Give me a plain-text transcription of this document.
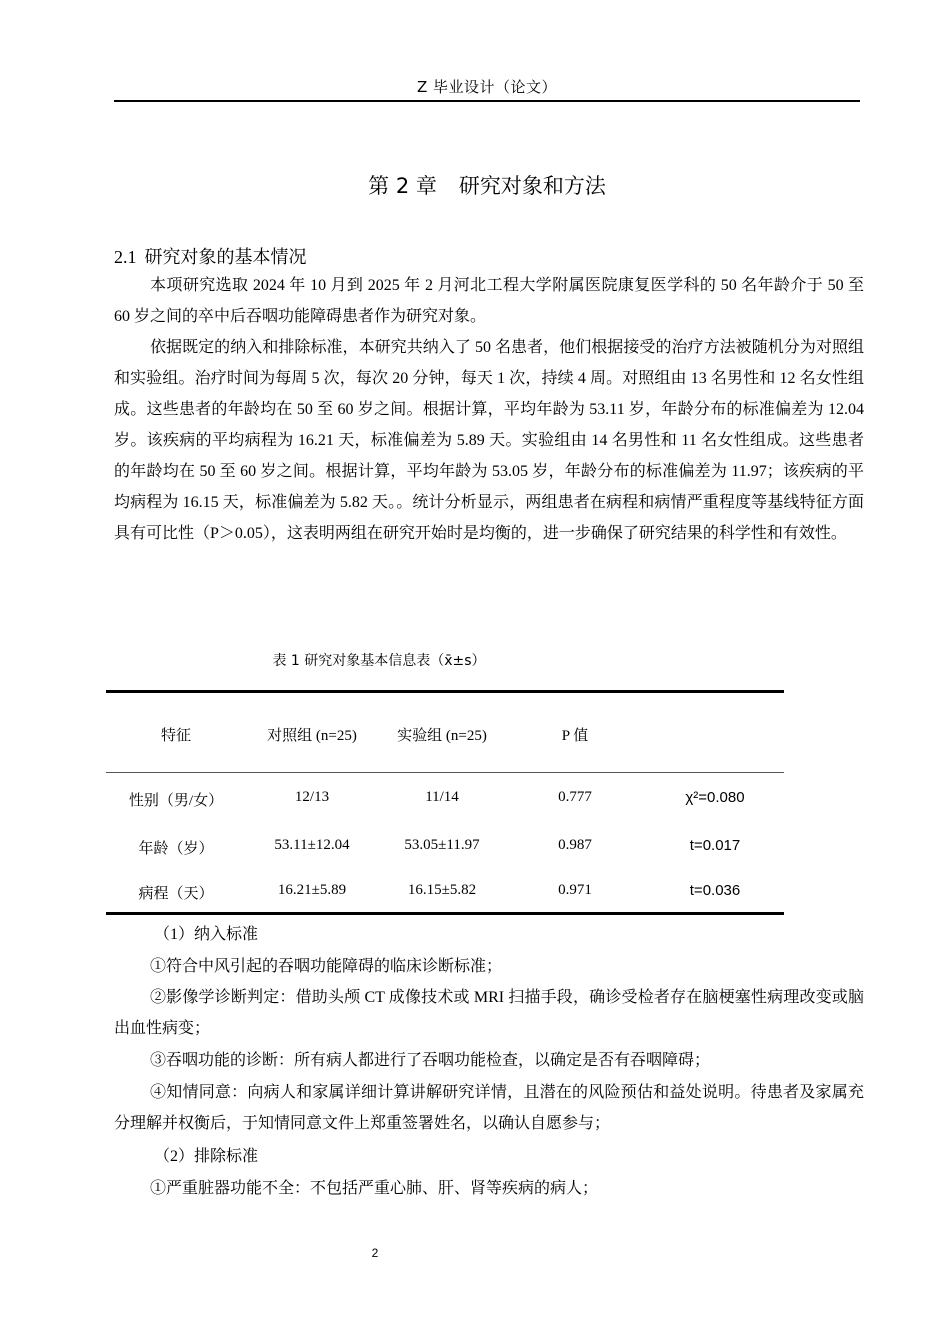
Z 毕业设计（论文）
第 2 章 研究对象和方法
2.1 研究对象的基本情况

本项研究选取 2024 年 10 月到 2025 年 2 月河北工程大学附属医院康复医学科的 50 名年龄介于 50 至 60 岁之间的卒中后吞咽功能障碍患者作为研究对象。

依据既定的纳入和排除标准，本研究共纳入了 50 名患者，他们根据接受的治疗方法被随机分为对照组和实验组。治疗时间为每周 5 次，每次 20 分钟，每天 1 次，持续 4 周。对照组由 13 名男性和 12 名女性组成。这些患者的年龄均在 50 至 60 岁之间。根据计算，平均年龄为 53.11 岁，年龄分布的标准偏差为 12.04 岁。该疾病的平均病程为 16.21 天，标准偏差为 5.89 天。实验组由 14 名男性和 11 名女性组成。这些患者的年龄均在 50 至 60 岁之间。根据计算，平均年龄为 53.05 岁，年龄分布的标准偏差为 11.97；该疾病的平均病程为 16.15 天，标准偏差为 5.82 天。。统计分析显示，两组患者在病程和病情严重程度等基线特征方面具有可比性（P＞0.05），这表明两组在研究开始时是均衡的，进一步确保了研究结果的科学性和有效性。

表 1 研究对象基本信息表（x̄±s）
特征	对照组 (n=25)	实验组 (n=25)	P 值
性别（男/女）	12/13	11/14	0.777	χ²=0.080
年龄（岁）	53.11±12.04	53.05±11.97	0.987	t=0.017
病程（天）	16.21±5.89	16.15±5.82	0.971	t=0.036

（1）纳入标准

①符合中风引起的吞咽功能障碍的临床诊断标准；

②影像学诊断判定：借助头颅 CT 成像技术或 MRI 扫描手段，确诊受检者存在脑梗塞性病理改变或脑出血性病变；

③吞咽功能的诊断：所有病人都进行了吞咽功能检查，以确定是否有吞咽障碍；

④知情同意：向病人和家属详细计算讲解研究详情，且潜在的风险预估和益处说明。待患者及家属充分理解并权衡后，于知情同意文件上郑重签署姓名，以确认自愿参与；

（2）排除标准

①严重脏器功能不全：不包括严重心肺、肝、肾等疾病的病人；

2
